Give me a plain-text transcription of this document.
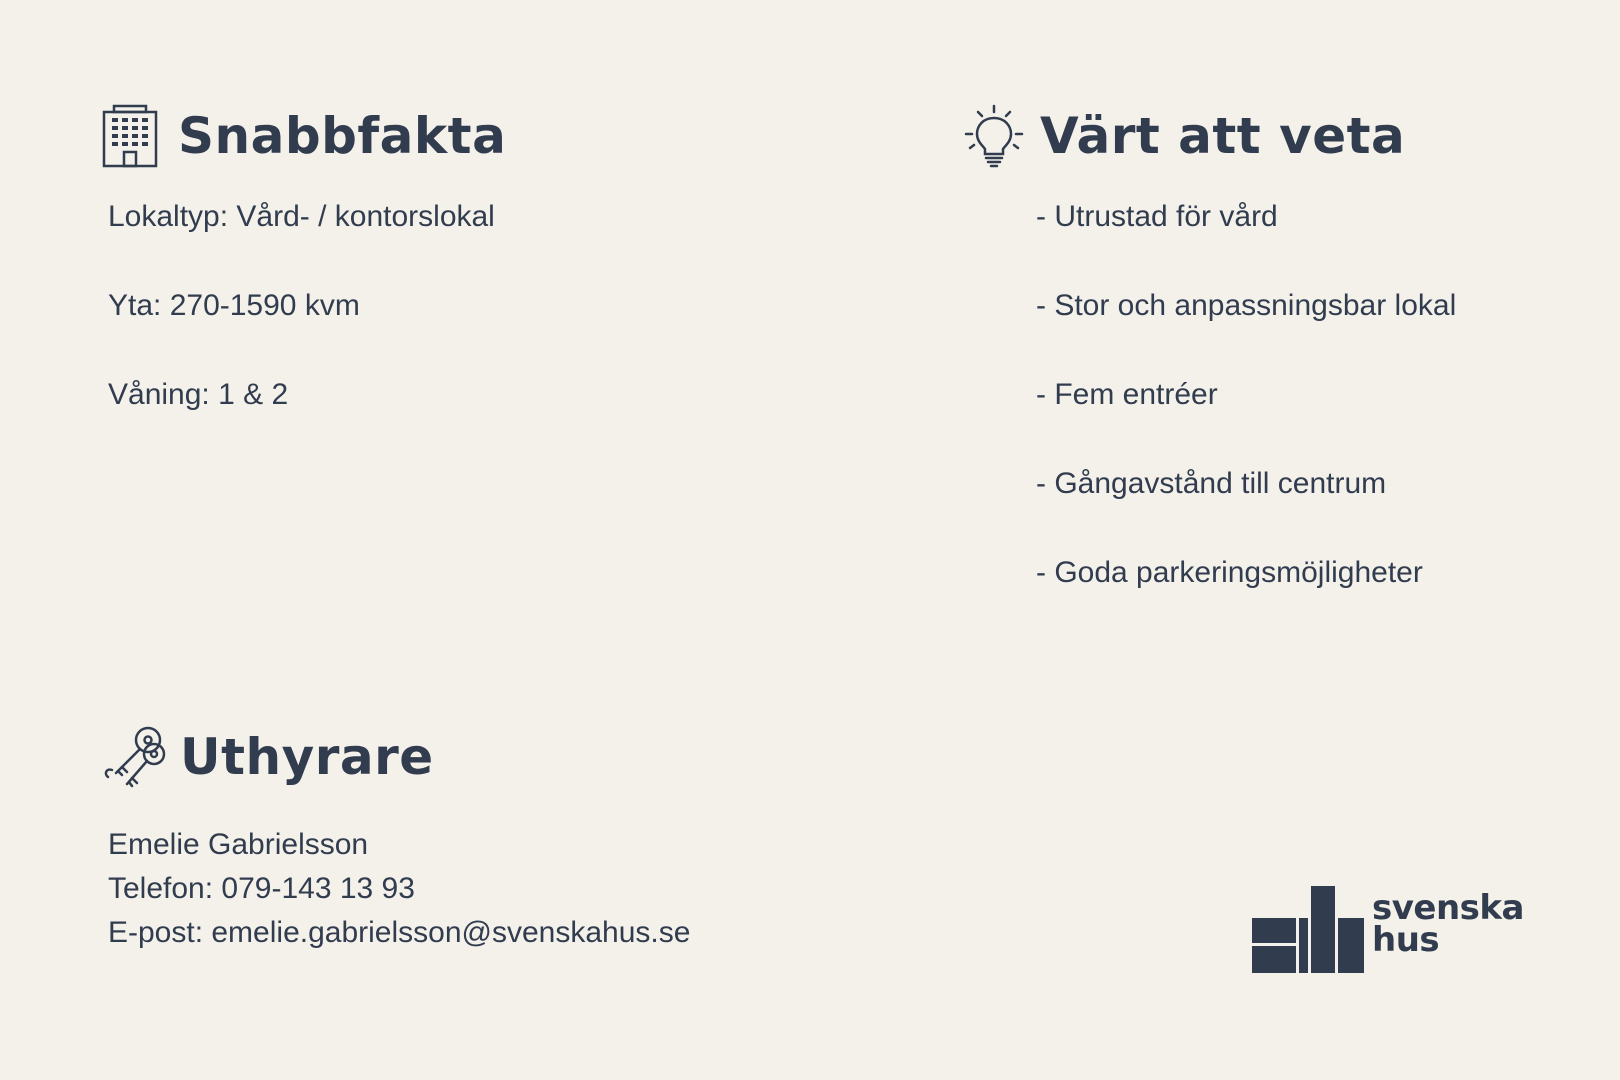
Snabbfakta
Lokaltyp: Vård- / kontorslokal
Yta: 270-1590 kvm
Våning: 1 & 2
Värt att veta
- Utrustad för vård
- Stor och anpassningsbar lokal
- Fem entréer
- Gångavstånd till centrum
- Goda parkeringsmöjligheter
Uthyrare
Emelie Gabrielsson
Telefon: 079-143 13 93
E-post: emelie.gabrielsson@svenskahus.se
svenska
hus
